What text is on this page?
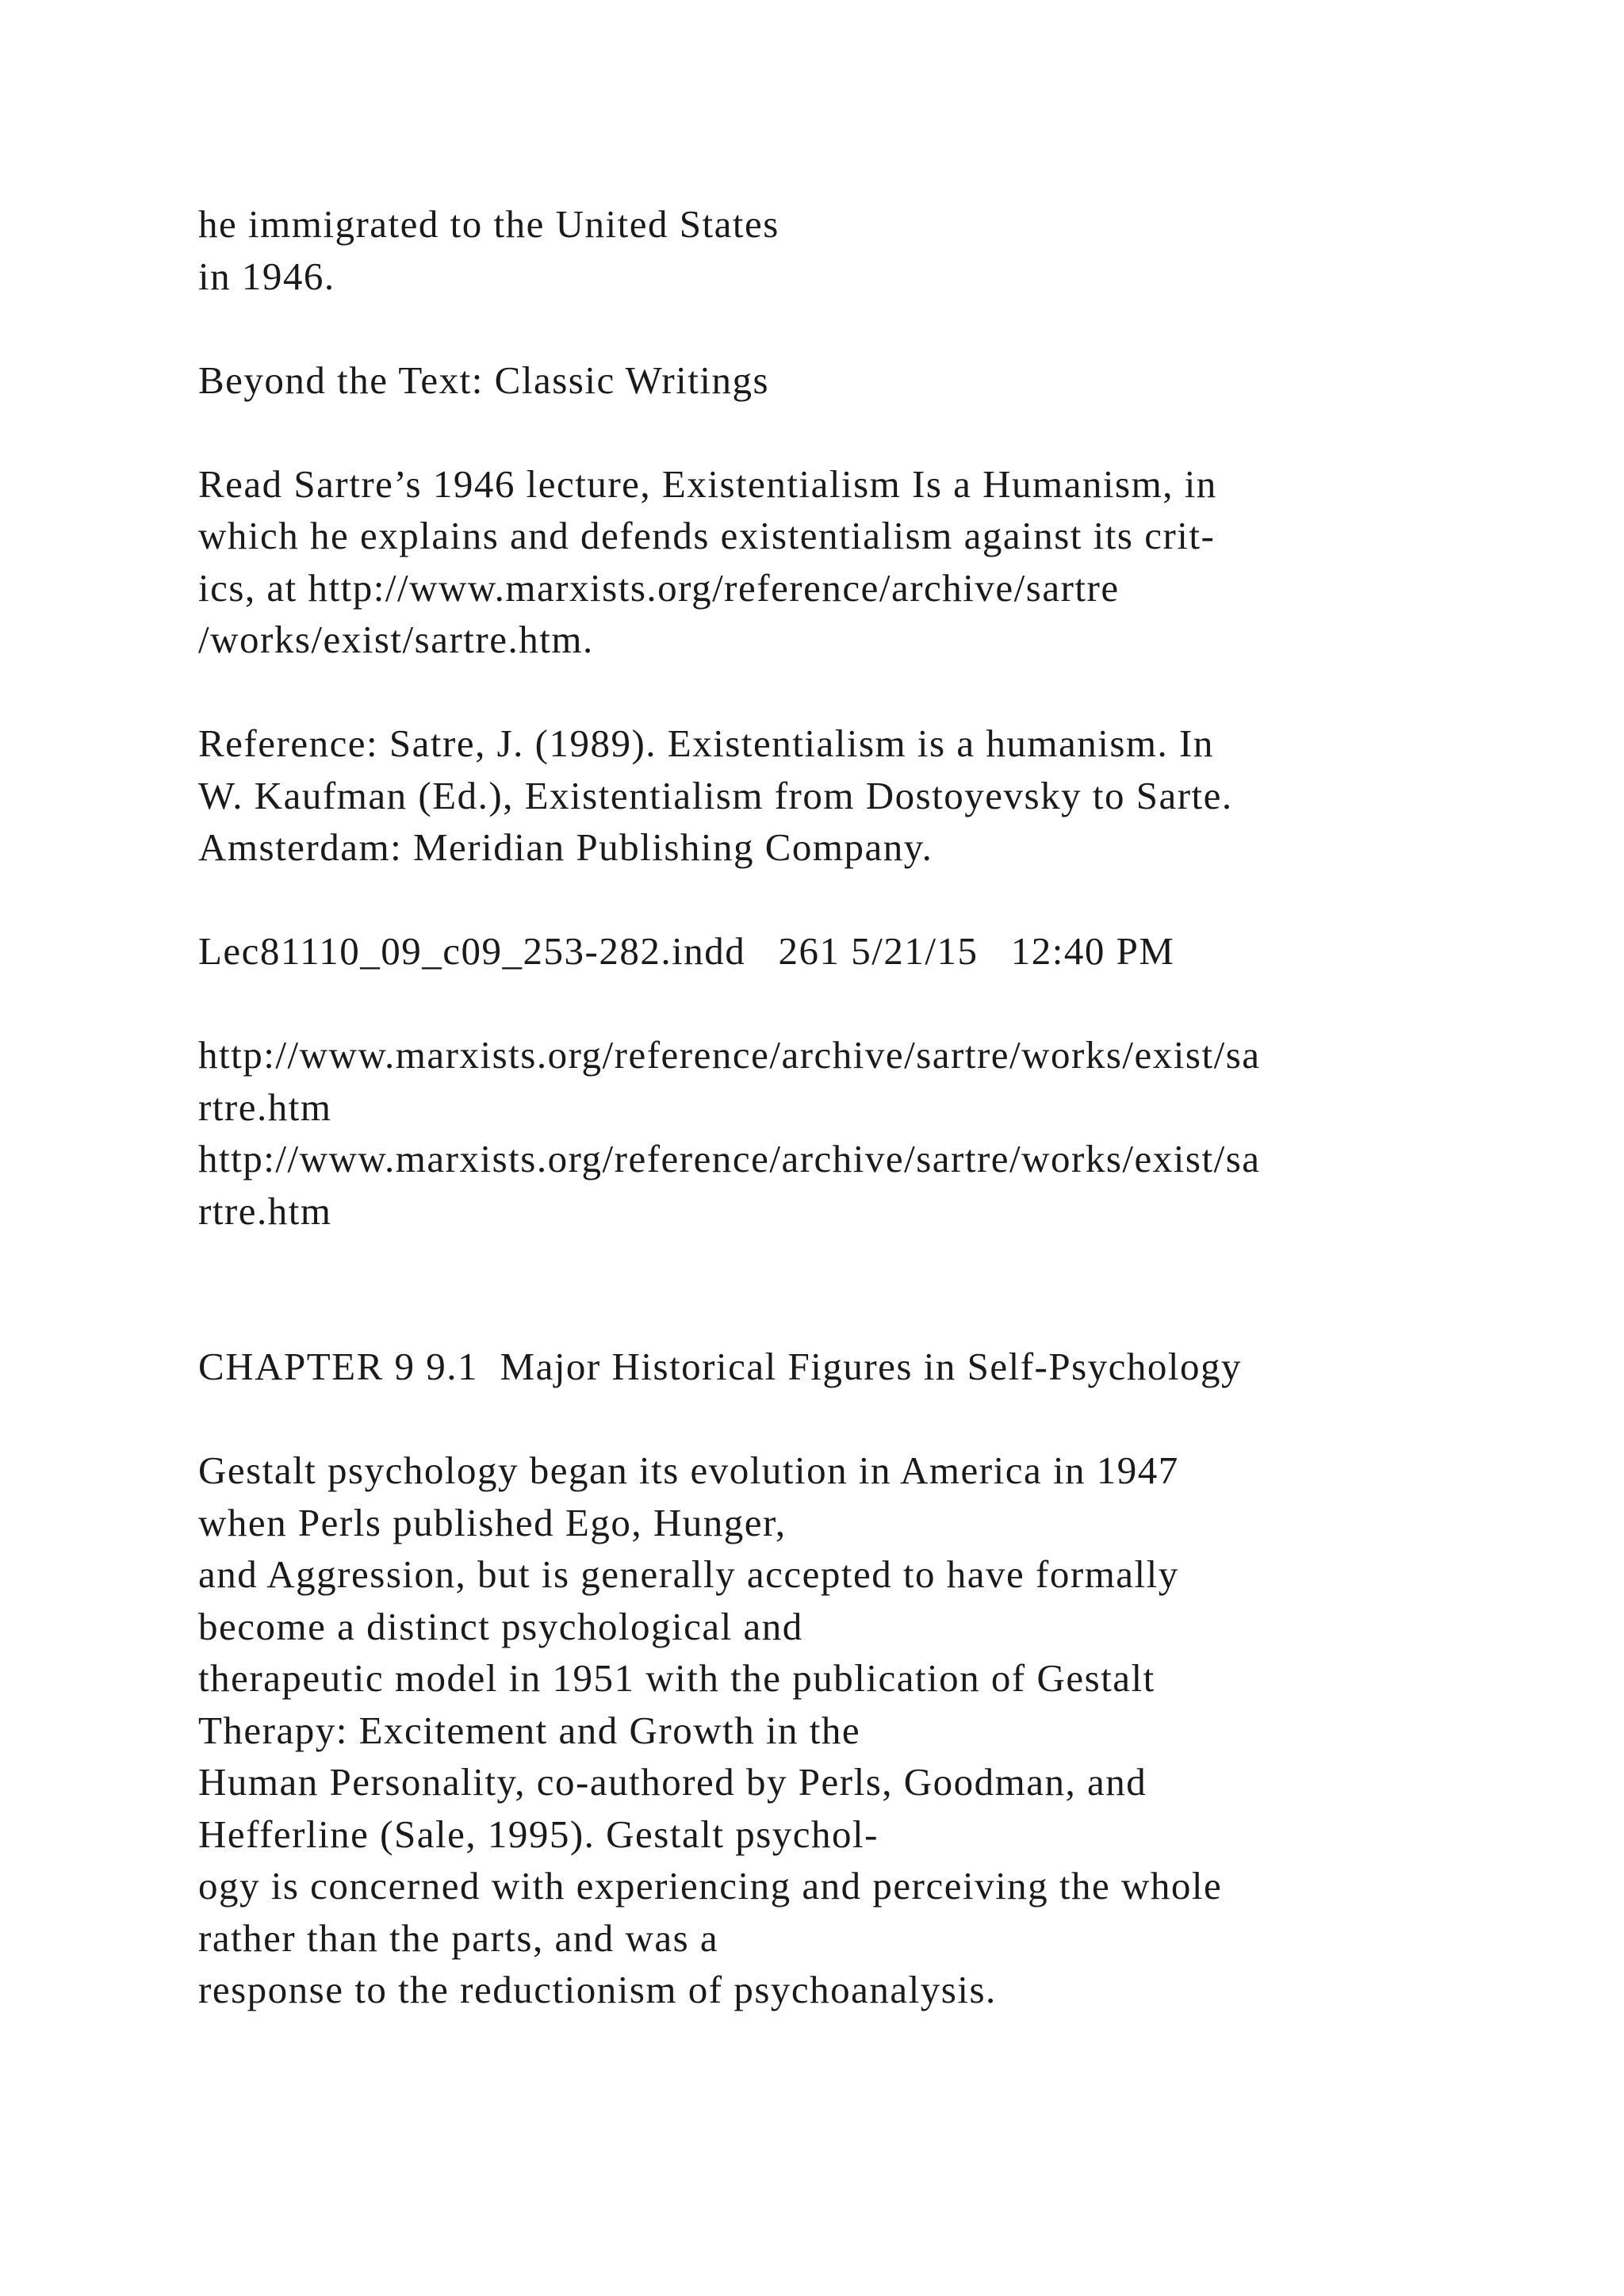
he immigrated to the United States
in 1946.
Beyond the Text: Classic Writings
Read Sartre’s 1946 lecture, Existentialism Is a Humanism, in
which he explains and defends existentialism against its crit-
ics, at http://www.marxists.org/reference/archive/sartre
/works/exist/sartre.htm.
Reference: Satre, J. (1989). Existentialism is a humanism. In
W. Kaufman (Ed.), Existentialism from Dostoyevsky to Sarte.
Amsterdam: Meridian Publishing Company.
Lec81110_09_c09_253-282.indd   261 5/21/15   12:40 PM
http://www.marxists.org/reference/archive/sartre/works/exist/sa
rtre.htm
http://www.marxists.org/reference/archive/sartre/works/exist/sa
rtre.htm
CHAPTER 9 9.1  Major Historical Figures in Self-Psychology
Gestalt psychology began its evolution in America in 1947
when Perls published Ego, Hunger,
and Aggression, but is generally accepted to have formally
become a distinct psychological and
therapeutic model in 1951 with the publication of Gestalt
Therapy: Excitement and Growth in the
Human Personality, co-authored by Perls, Goodman, and
Hefferline (Sale, 1995). Gestalt psychol-
ogy is concerned with experiencing and perceiving the whole
rather than the parts, and was a
response to the reductionism of psychoanalysis.
